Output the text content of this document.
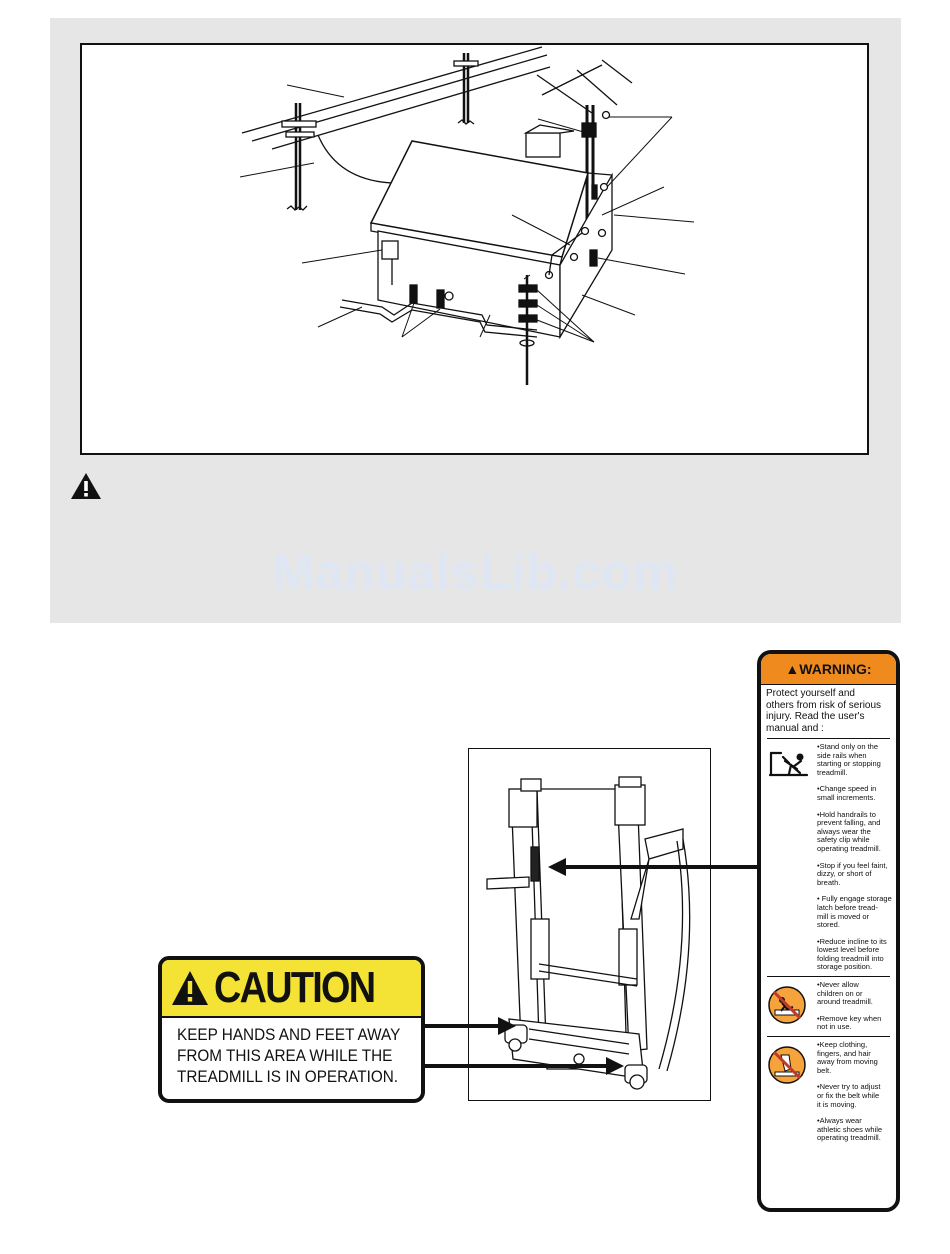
ManualsLib.com
CAUTION
KEEP HANDS AND FEET AWAY
FROM THIS AREA WHILE THE
TREADMILL IS IN OPERATION.
▲WARNING:
Protect yourself and
others from risk of serious
injury. Read the user's
manual and :
•Stand only on the
side rails when
starting or stopping
treadmill.
•Change speed in
small increments.
•Hold handrails to
prevent falling, and
always wear the
safety clip while
operating treadmill.
•Stop if you feel faint,
dizzy, or short of
breath.
• Fully engage storage
latch before tread-
mill is moved or
stored.
•Reduce incline to its
lowest level before
folding treadmill into
storage position.
•Never allow
children on or
around treadmill.
•Remove key when
not in use.
•Keep clothing,
fingers, and hair
away from moving
belt.
•Never try to adjust
or fix the belt while
it is moving.
•Always wear
athletic shoes while
operating treadmill.
